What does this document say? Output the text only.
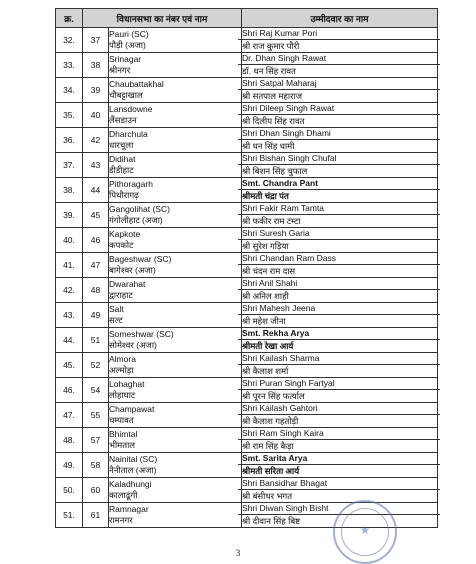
क्र.	विधानसभा का नंबर एवं नाम		उम्मीदवार का नाम
32.	37	Pauri (SC)
पौड़ी (अजा)	Shri Raj Kumar Pori
श्री राज कुमार पौरी

33.	38	Srinagar
श्रीनगर	Dr. Dhan Singh Rawat
डॉ. धन सिंह रावत

34.	39	Chaubattakhal
चौबट्टाखाल	Shri Satpal Maharaj
श्री सतपाल महाराज

35.	40	Lansdowne
लैंसडाउन	Shri Dileep Singh Rawat
श्री दिलीप सिंह रावत

36.	42	Dharchula
धारचूला	Shri Dhan Singh Dhami
श्री धन सिंह धामी

37.	43	Didihat
डीडीहाट	Shri Bishan Singh Chufal
श्री बिशन सिंह चुफाल

38.	44	Pithoragarh
पिथौरागढ़	Smt. Chandra Pant
श्रीमती चंद्रा पंत

39.	45	Gangolihat (SC)
गंगोलीहाट (अजा)	Shri Fakir Ram Tamta
श्री फकीर राम टम्टा

40.	46	Kapkote
कपकोट	Shri Suresh Garia
श्री सुरेश गड़िया

41.	47	Bageshwar (SC)
बागेश्वर (अजा)	Shri Chandan Ram Dass
श्री चंदन राम दास

42.	48	Dwarahat
द्वाराहाट	Shri Anil Shahi
श्री अनिल शाही

43.	49	Salt
सल्ट	Shri Mahesh Jeena
श्री महेश जीना

44.	51	Someshwar (SC)
सोमेश्वर (अजा)	Smt. Rekha Arya
श्रीमती रेखा आर्य

45.	52	Almora
अल्मोड़ा	Shri Kailash Sharma
श्री कैलाश शर्मा

46.	54	Lohaghat
लोहाघाट	Shri Puran Singh Fartyal
श्री पूरन सिंह फर्त्याल

47.	55	Champawat
चम्पावत	Shri Kailash Gahtori
श्री कैलाश गहतोड़ी

48.	57	Bhimtal
भीमताल	Shri Ram Singh Kaira
श्री राम सिंह कैड़ा

49.	58	Nainital (SC)
नैनीताल (अजा)	Smt. Sarita Arya
श्रीमती सरिता आर्य

50.	60	Kaladhungi
कालाढूंगी	Shri Bansidhar Bhagat
श्री बंसीधर भगत

51.	61	Ramnagar
रामनगर	Shri Diwan Singh Bisht
श्री दीवान सिंह बिष्ट
★
3
